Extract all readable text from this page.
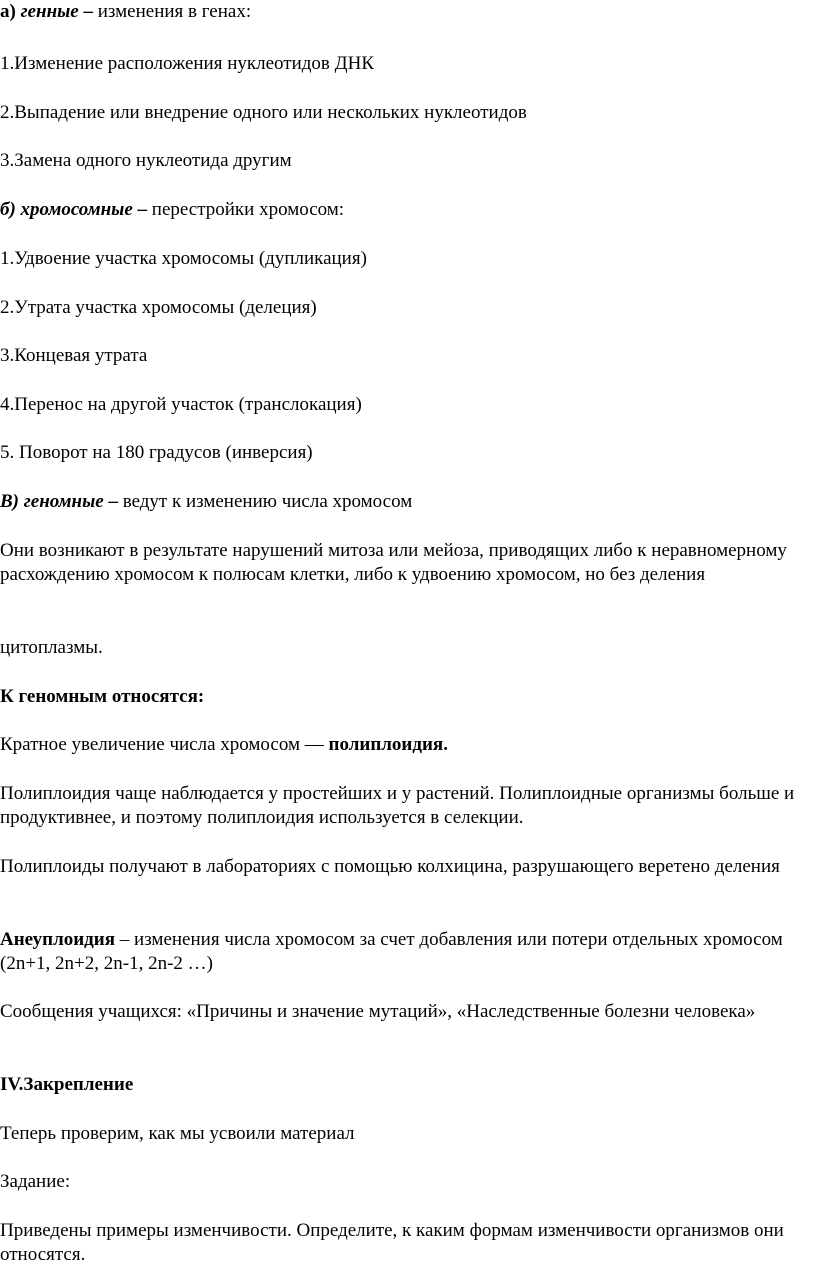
а) генные – изменения в генах:

1.Изменение расположения нуклеотидов ДНК

2.Выпадение или внедрение одного или нескольких нуклеотидов

3.Замена одного нуклеотида другим

б) хромосомные – перестройки хромосом:

1.Удвоение участка хромосомы (дупликация)

2.Утрата участка хромосомы (делеция)

3.Концевая утрата

4.Перенос на другой участок (транслокация)

5. Поворот на 180 градусов (инверсия)

В) геномные – ведут к изменению числа хромосом

Они возникают в результате нарушений митоза или мейоза, приводящих либо к неравномерному расхождению хромосом к полюсам клетки, либо к удвоению хромосом, но без деления

цитоплазмы.

К геномным относятся:

Кратное увеличение числа хромосом — полиплоидия.

Полиплоидия чаще наблюдается у простейших и у растений. Полиплоидные организмы больше и продуктивнее, и поэтому полиплоидия используется в селекции.

Полиплоиды получают в лабораториях с помощью колхицина, разрушающего веретено деления

Анеуплоидия – изменения числа хромосом за счет добавления или потери отдельных хромосом (2n+1, 2n+2, 2n-1, 2n-2 …)

Сообщения учащихся: «Причины и значение мутаций», «Наследственные болезни человека»

IV.Закрепление

Теперь проверим, как мы усвоили материал

Задание:

Приведены примеры изменчивости. Определите, к каким формам изменчивости организмов они относятся.
